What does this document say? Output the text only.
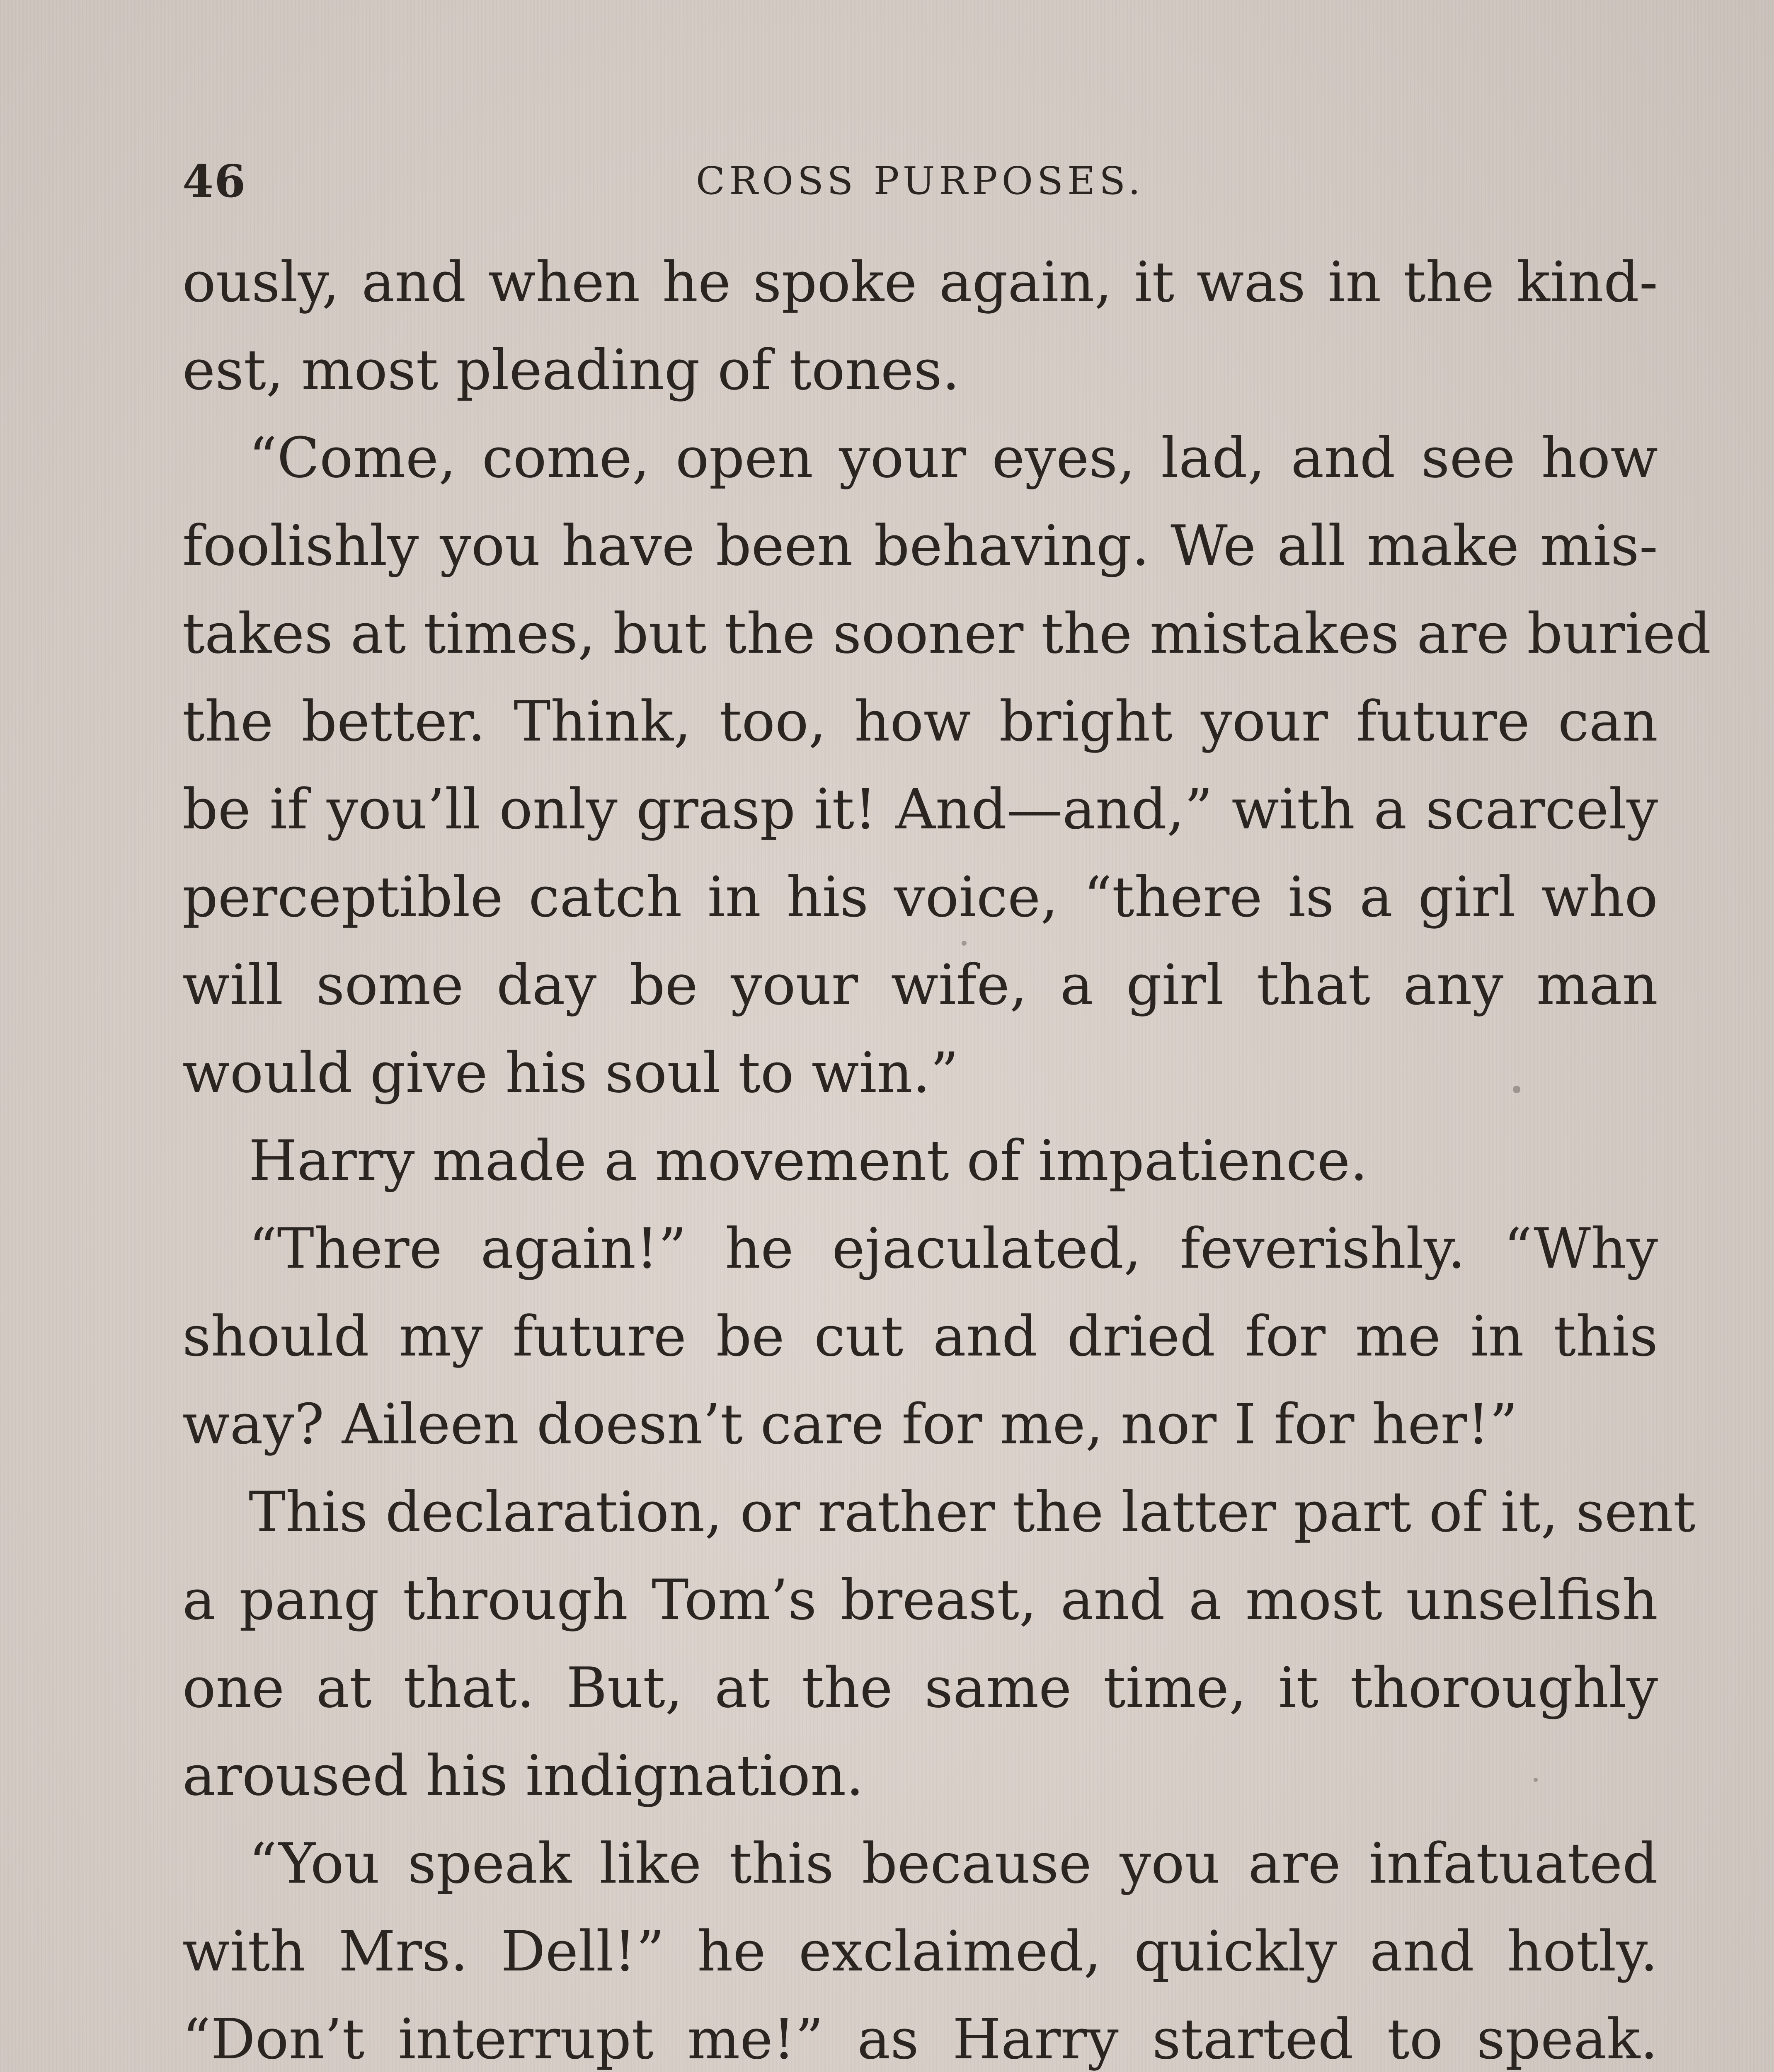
46	CROSS PURPOSES.
ously, and when he spoke again, it was in the kind-
est, most pleading of tones.
“Come, come, open your eyes, lad, and see how
foolishly you have been behaving. We all make mis-
takes at times, but the sooner the mistakes are buried
the better. Think, too, how bright your future can
be if you’ll only grasp it! And—and,” with a scarcely
perceptible catch in his voice, “there is a girl who
will some day be your wife, a girl that any man
would give his soul to win.”
Harry made a movement of impatience.
“There again!” he ejaculated, feverishly. “Why
should my future be cut and dried for me in this
way? Aileen doesn’t care for me, nor I for her!”
This declaration, or rather the latter part of it, sent
a pang through Tom’s breast, and a most unselfish
one at that. But, at the same time, it thoroughly
aroused his indignation.
“You speak like this because you are infatuated
with Mrs. Dell!” he exclaimed, quickly and hotly.
“Don’t interrupt me!” as Harry started to speak.
